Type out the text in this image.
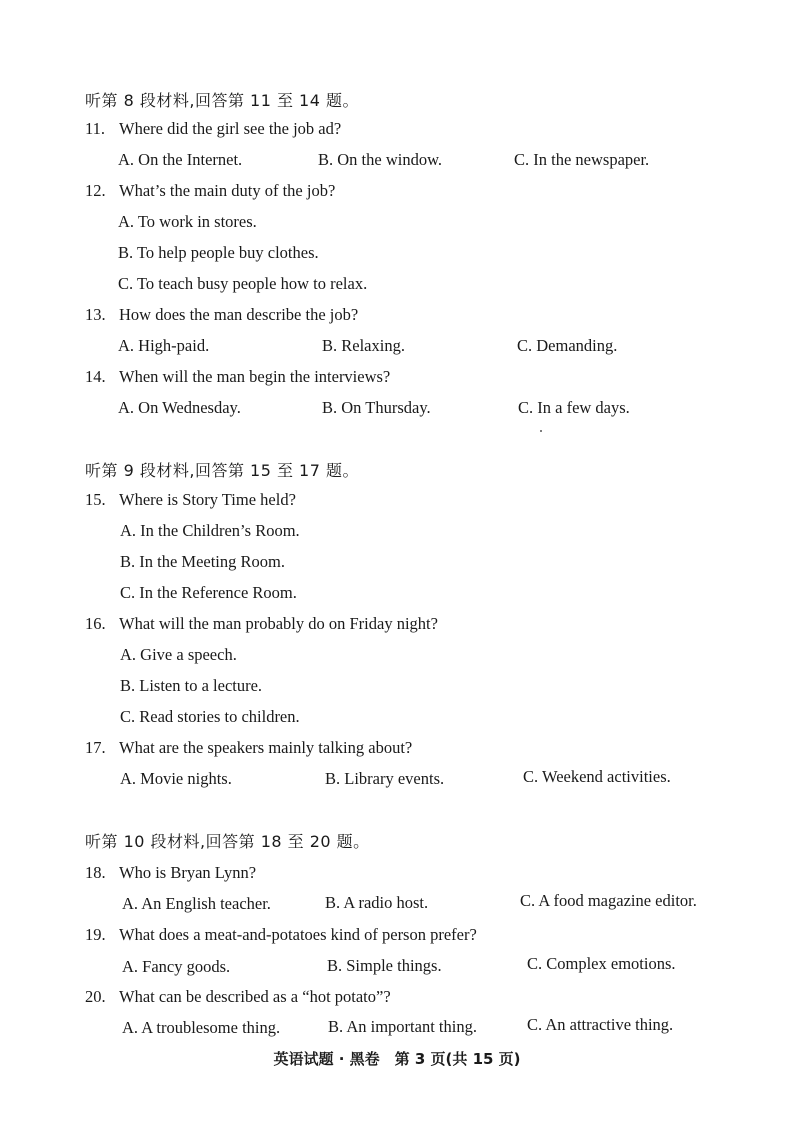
听第 8 段材料,回答第 11 至 14 题。
11. Where did the girl see the job ad?
A. On the Internet.	B. On the window.	C. In the newspaper.
12. What’s the main duty of the job?
A. To work in stores.
B. To help people buy clothes.
C. To teach busy people how to relax.
13. How does the man describe the job?
A. High-paid.	B. Relaxing.	C. Demanding.
14. When will the man begin the interviews?
A. On Wednesday.	B. On Thursday.	C. In a few days.
听第 9 段材料,回答第 15 至 17 题。
15. Where is Story Time held?
A. In the Children’s Room.
B. In the Meeting Room.
C. In the Reference Room.
16. What will the man probably do on Friday night?
A. Give a speech.
B. Listen to a lecture.
C. Read stories to children.
17. What are the speakers mainly talking about?
A. Movie nights.	B. Library events.	C. Weekend activities.
听第 10 段材料,回答第 18 至 20 题。
18. Who is Bryan Lynn?
A. An English teacher.	B. A radio host.	C. A food magazine editor.
19. What does a meat-and-potatoes kind of person prefer?
A. Fancy goods.	B. Simple things.	C. Complex emotions.
20. What can be described as a “hot potato”?
A. A troublesome thing.	B. An important thing.	C. An attractive thing.
英语试题 · 黑卷　第 3 页(共 15 页)
